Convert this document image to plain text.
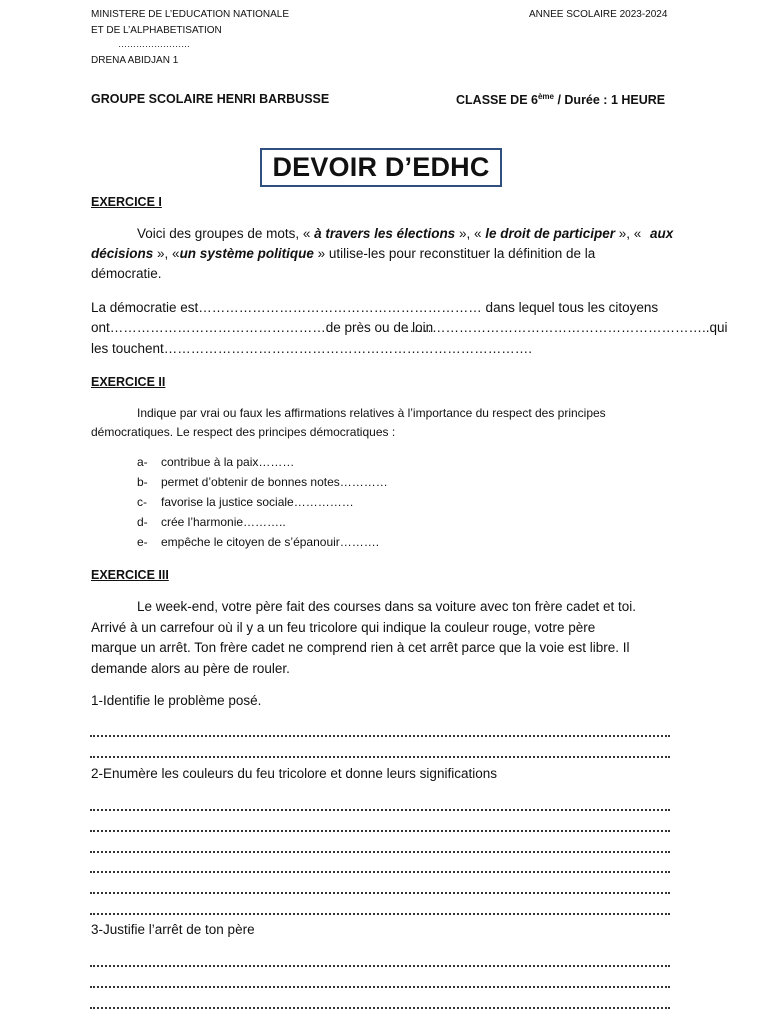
MINISTERE DE L’EDUCATION NATIONALE
ET DE L’ALPHABETISATION
……………………
DRENA ABIDJAN 1
ANNEE SCOLAIRE 2023-2024
GROUPE SCOLAIRE HENRI BARBUSSE	CLASSE DE 6ème / Durée : 1 HEURE
DEVOIR D’EDHC
EXERCICE I
Voici des groupes de mots, « à travers les élections », « le droit de participer », « aux
décisions », «un système politique » utilise-les pour reconstituer la définition de la
démocratie.
La démocratie est……………………………………………………… dans lequel tous les citoyens
ont…………………………………………de près ou de loin
…………………………………………………………..qui
les touchent……………………………………………………………………….
EXERCICE II
Indique par vrai ou faux les affirmations relatives à l’importance du respect des principes
démocratiques. Le respect des principes démocratiques :
a- contribue à la paix………
b- permet d’obtenir de bonnes notes…………
c- favorise la justice sociale……………
d- crée l’harmonie………..
e- empêche le citoyen de s’épanouir……….
EXERCICE III
Le week-end, votre père fait des courses dans sa voiture avec ton frère cadet et toi.
Arrivé à un carrefour où il y a un feu tricolore qui indique la couleur rouge, votre père
marque un arrêt. Ton frère cadet ne comprend rien à cet arrêt parce que la voie est libre. Il
demande alors au père de rouler.
1-Identifie le problème posé.
2-Enumère les couleurs du feu tricolore et donne leurs significations
3-Justifie l’arrêt de ton père
